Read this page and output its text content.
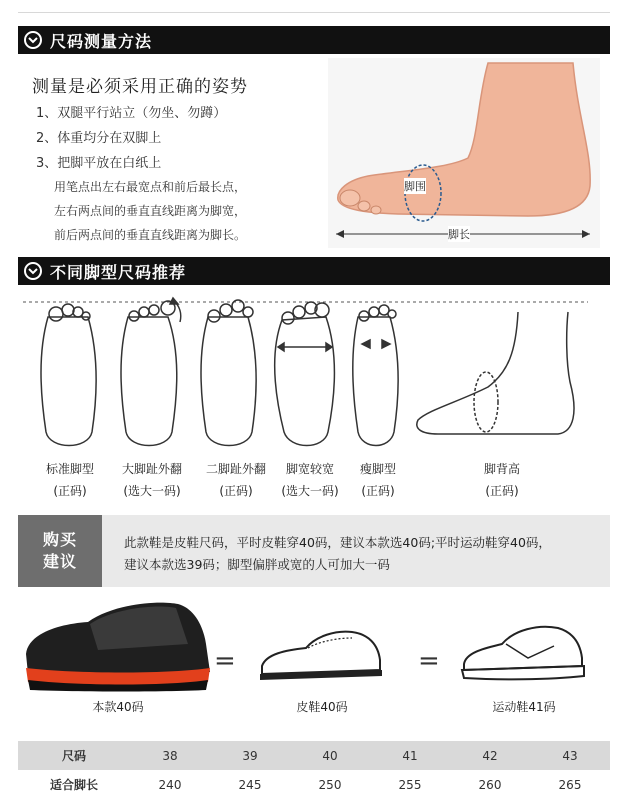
尺码测量方法
测量是必须采用正确的姿势
1、双腿平行站立（勿坐、勿蹲）
2、体重均分在双脚上
3、把脚平放在白纸上
用笔点出左右最宽点和前后最长点，
左右两点间的垂直直线距离为脚宽，
前后两点间的垂直直线距离为脚长。
脚围
脚长
不同脚型尺码推荐
标准脚型
(正码)
大脚趾外翻
(选大一码)
二脚趾外翻
(正码)
脚宽较宽
(选大一码)
瘦脚型
(正码)
脚背高
(正码)
购买
建议
此款鞋是皮鞋尺码，平时皮鞋穿40码，建议本款选40码;平时运动鞋穿40码，
建议本款选39码；脚型偏胖或宽的人可加大一码
=	=
本款40码	皮鞋40码	运动鞋41码
尺码	38	39	40	41	42	43
适合脚长	240	245	250	255	260	265
